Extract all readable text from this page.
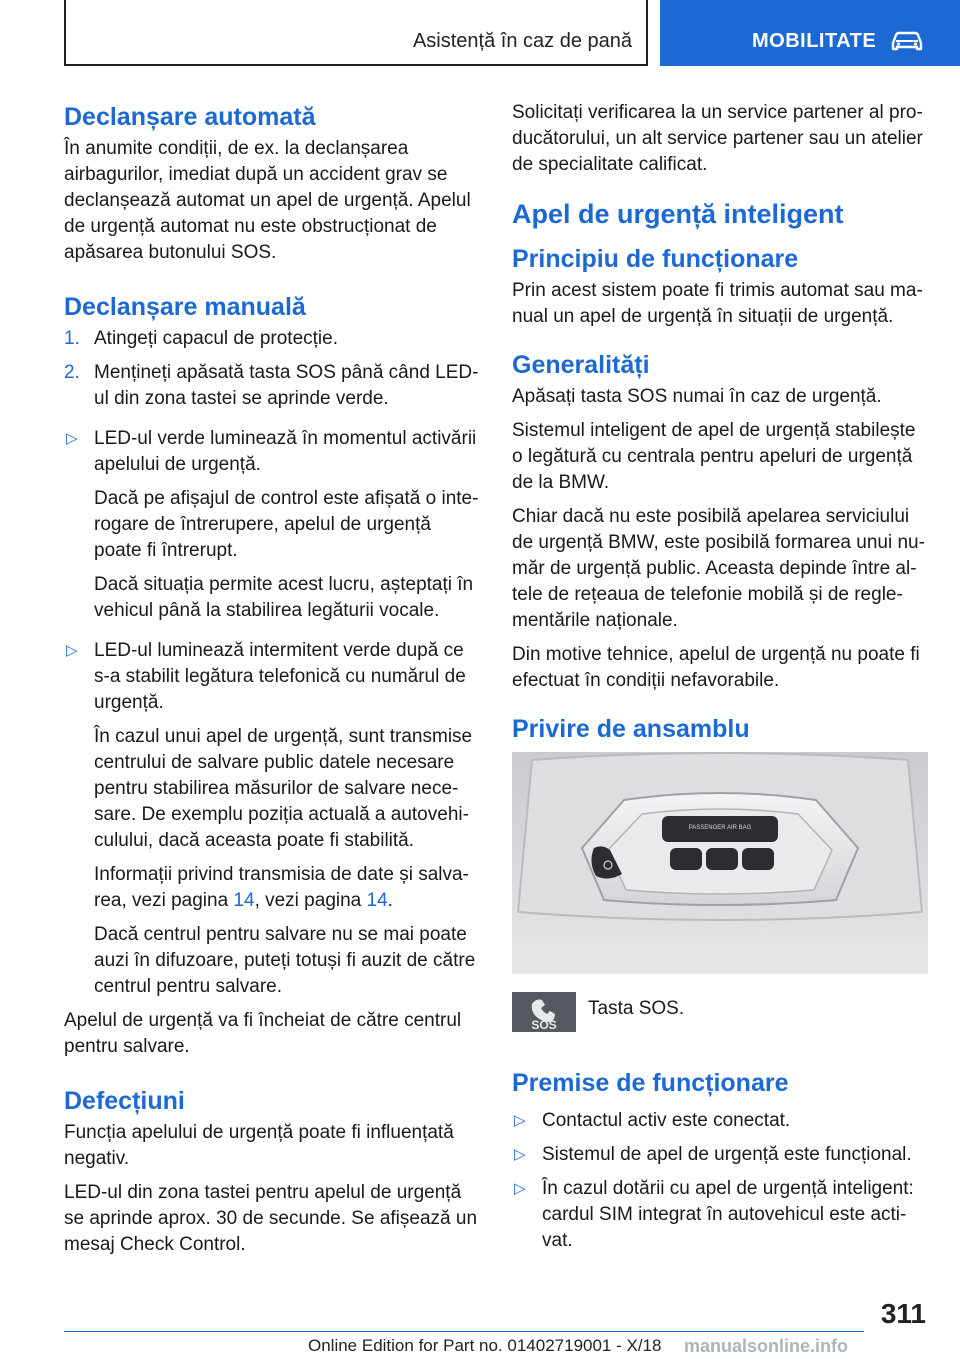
Asistență în caz de pană	MOBILITATE
Declanșare automată

În anumite condiții, de ex. la declanșarea airbagurilor, imediat după un accident grav se declanșează automat un apel de urgență. Apelul de urgență automat nu este obstrucționat de apăsarea butonului SOS.

Declanșare manuală
1. Atingeți capacul de protecție.
2. Mențineți apăsată tasta SOS până când LED-ul din zona tastei se aprinde verde.
▷ LED-ul verde luminează în momentul activării apelului de urgență.
Dacă pe afișajul de control este afișată o interogare de întrerupere, apelul de urgență poate fi întrerupt.
Dacă situația permite acest lucru, așteptați în vehicul până la stabilirea legăturii vocale.
▷ LED-ul luminează intermitent verde după ce s-a stabilit legătura telefonică cu numărul de urgență.
În cazul unui apel de urgență, sunt transmise centrului de salvare public datele necesare pentru stabilirea măsurilor de salvare necesare. De exemplu poziția actuală a autovehiculului, dacă aceasta poate fi stabilită.
Informații privind transmisia de date și salvarea, vezi pagina 14, vezi pagina 14.
Dacă centrul pentru salvare nu se mai poate auzi în difuzoare, puteți totuși fi auzit de către centrul pentru salvare.

Apelul de urgență va fi încheiat de către centrul pentru salvare.

Defecțiuni

Funcția apelului de urgență poate fi influențată negativ.

LED-ul din zona tastei pentru apelul de urgență se aprinde aprox. 30 de secunde. Se afișează un mesaj Check Control.

Solicitați verificarea la un service partener al producătorului, un alt service partener sau un atelier de specialitate calificat.

Apel de urgență inteligent
Principiu de funcționare

Prin acest sistem poate fi trimis automat sau manual un apel de urgență în situații de urgență.

Generalități

Apăsați tasta SOS numai în caz de urgență.

Sistemul inteligent de apel de urgență stabilește o legătură cu centrala pentru apeluri de urgență de la BMW.

Chiar dacă nu este posibilă apelarea serviciului de urgență BMW, este posibilă formarea unui număr de urgență public. Aceasta depinde între altele de rețeaua de telefonie mobilă și de reglementările naționale.

Din motive tehnice, apelul de urgență nu poate fi efectuat în condiții nefavorabile.

Privire de ansamblu
PASSENGER AIR BAG
SOS
Tasta SOS.
Premise de funcționare
▷ Contactul activ este conectat.
▷ Sistemul de apel de urgență este funcțional.
▷ În cazul dotării cu apel de urgență inteligent: cardul SIM integrat în autovehicul este activat.
311
Online Edition for Part no. 01402719001 - X/18 manualsonline.info
